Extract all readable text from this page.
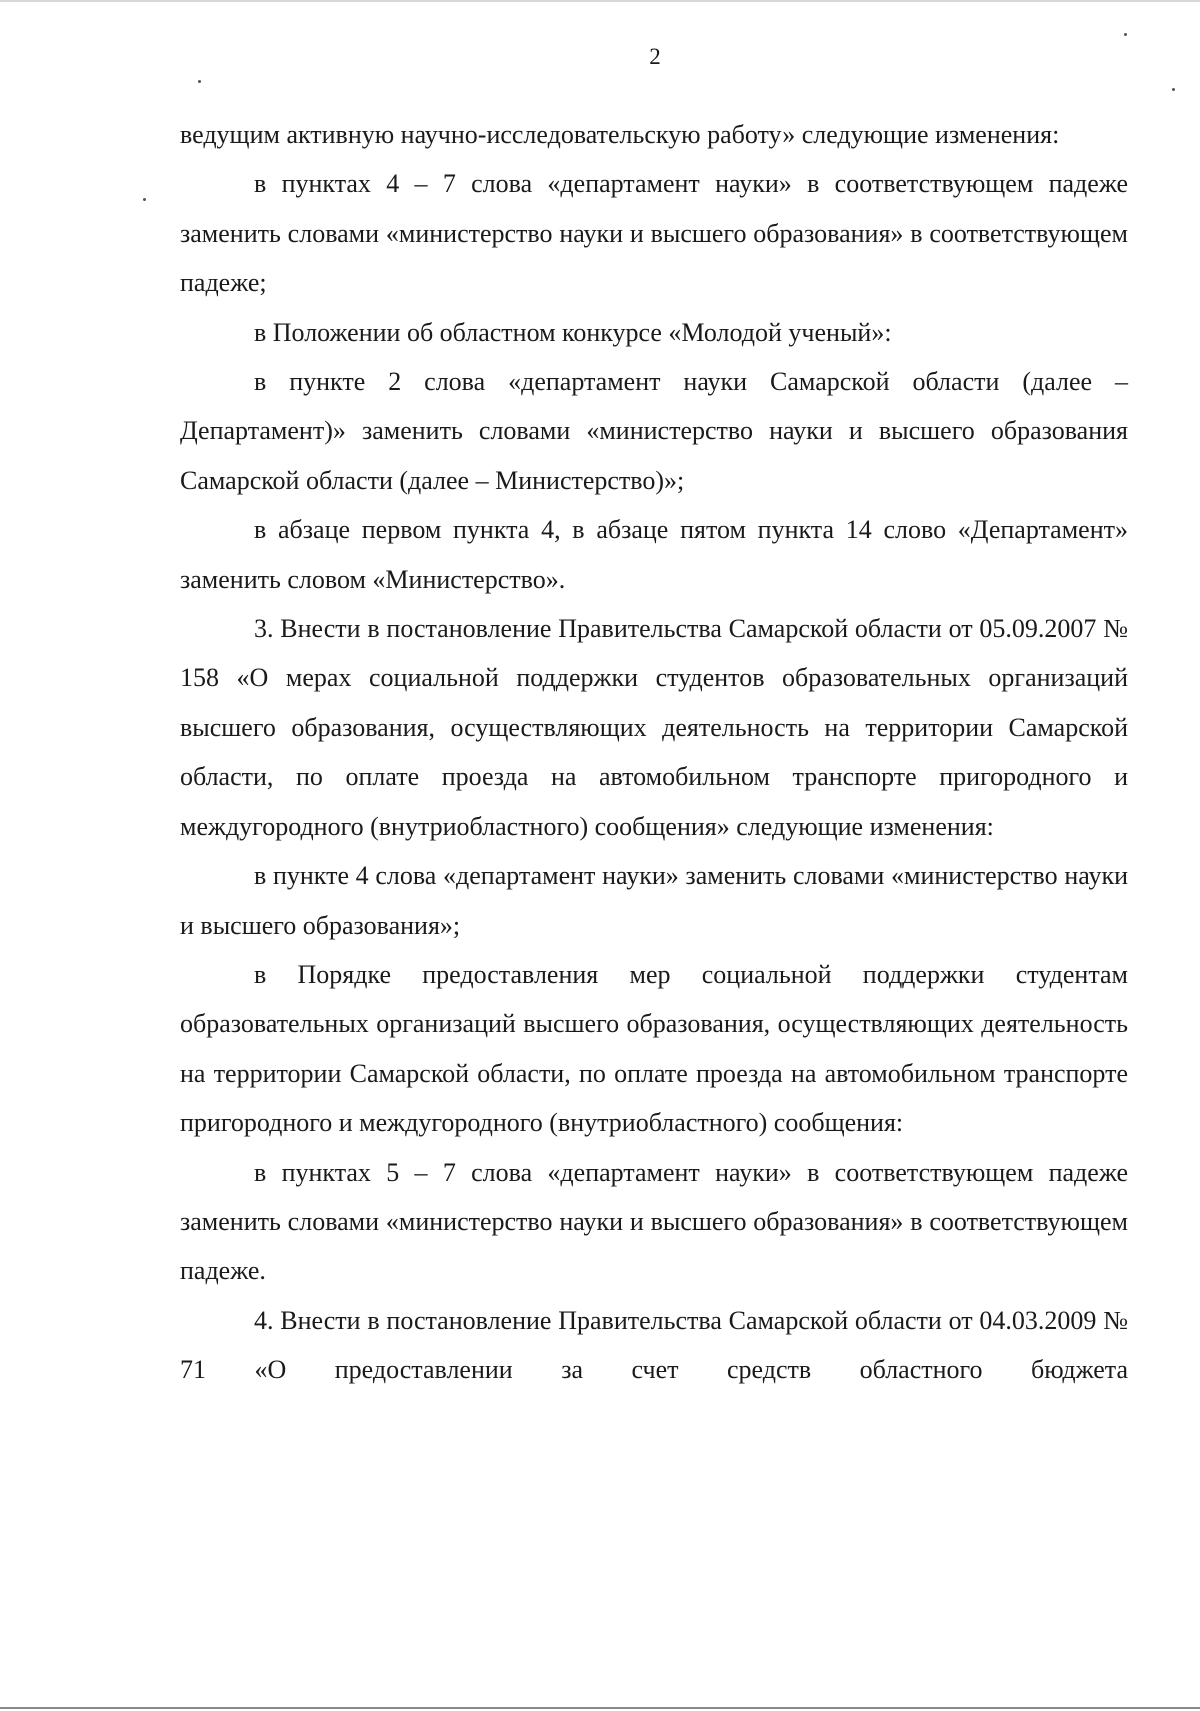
2

ведущим активную научно-исследовательскую работу» следующие изменения:

в пунктах 4 – 7 слова «департамент науки» в соответствующем падеже заменить словами «министерство науки и высшего образования» в соответствующем падеже;

в Положении об областном конкурсе «Молодой ученый»:

в пункте 2 слова «департамент науки Самарской области (далее – Департамент)» заменить словами «министерство науки и высшего образования Самарской области (далее – Министерство)»;

в абзаце первом пункта 4, в абзаце пятом пункта 14 слово «Департамент» заменить словом «Министерство».

3. Внести в постановление Правительства Самарской области от 05.09.2007 № 158 «О мерах социальной поддержки студентов образовательных организаций высшего образования, осуществляющих деятельность на территории Самарской области, по оплате проезда на автомобильном транспорте пригородного и междугородного (внутриобластного) сообщения» следующие изменения:

в пункте 4 слова «департамент науки» заменить словами «министерство науки и высшего образования»;

в Порядке предоставления мер социальной поддержки студентам образовательных организаций высшего образования, осуществляющих деятельность на территории Самарской области, по оплате проезда на автомобильном транспорте пригородного и междугородного (внутриобластного) сообщения:

в пунктах 5 – 7 слова «департамент науки» в соответствующем падеже заменить словами «министерство науки и высшего образования» в соответствующем падеже.

4. Внести в постановление Правительства Самарской области от 04.03.2009 № 71 «О предоставлении за счет средств областного бюджета
